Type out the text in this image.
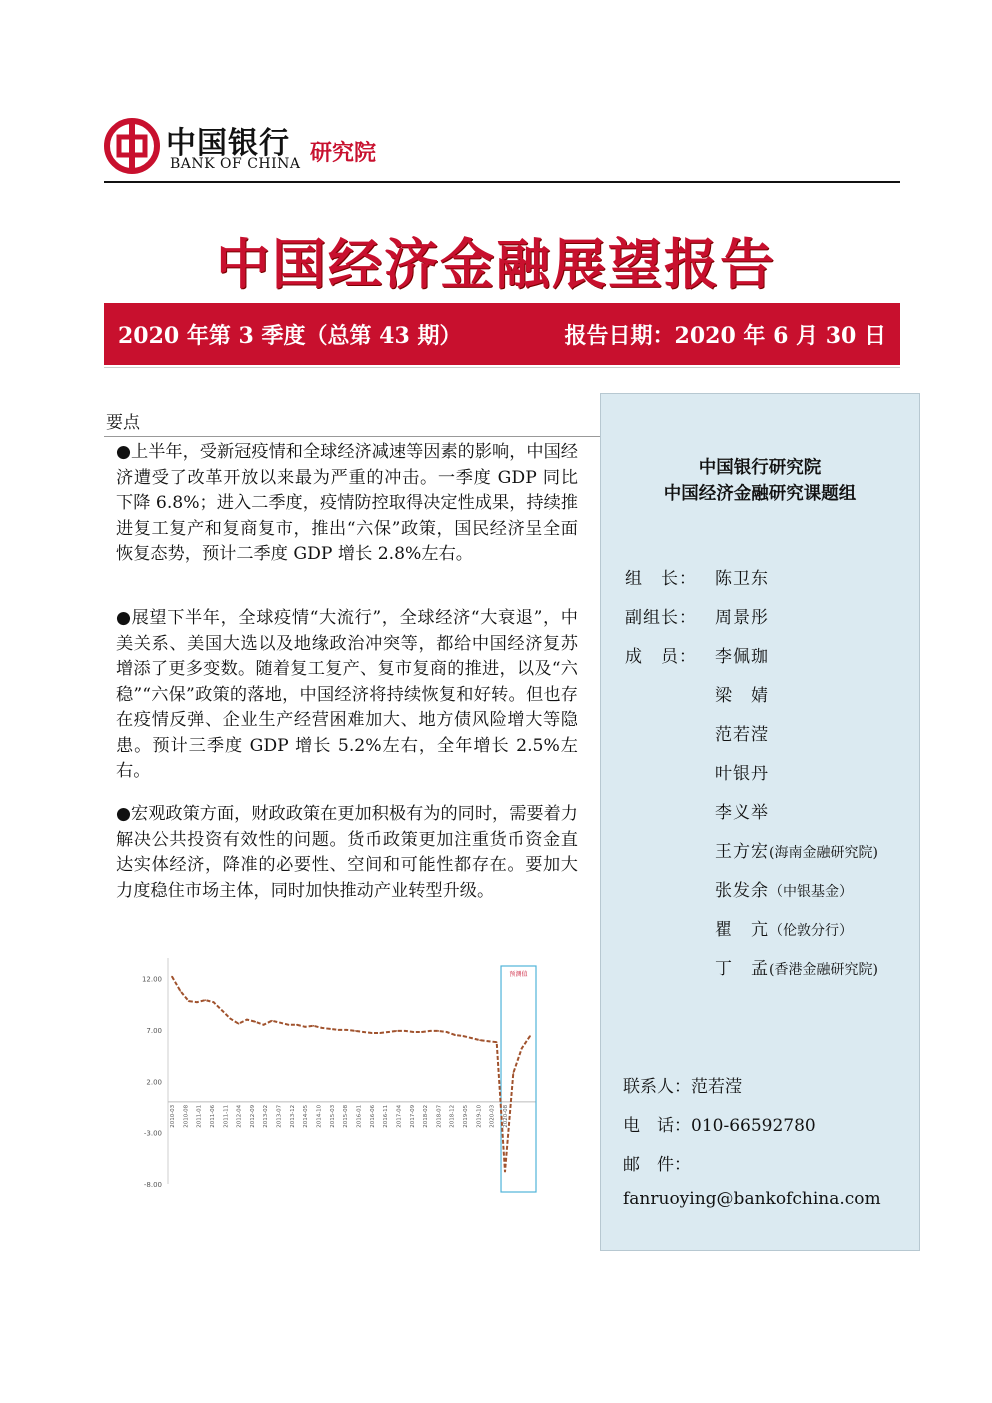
中国银行
BANK OF CHINA 研究院
中国经济金融展望报告
2020 年第 3 季度（总第 43 期）	报告日期：2020 年 6 月 30 日
要点
●上半年，受新冠疫情和全球经济减速等因素的影响，中国经济遭受了改革开放以来最为严重的冲击。一季度 GDP 同比下降 6.8%；进入二季度，疫情防控取得决定性成果，持续推进复工复产和复商复市，推出“六保”政策，国民经济呈全面恢复态势，预计二季度 GDP 增长 2.8%左右。
●展望下半年，全球疫情“大流行”，全球经济“大衰退”，中美关系、美国大选以及地缘政治冲突等，都给中国经济复苏增添了更多变数。随着复工复产、复市复商的推进，以及“六稳”“六保”政策的落地，中国经济将持续恢复和好转。但也存在疫情反弹、企业生产经营困难加大、地方债风险增大等隐患。预计三季度 GDP 增长 5.2%左右，全年增长 2.5%左右。
●宏观政策方面，财政政策在更加积极有为的同时，需要着力解决公共投资有效性的问题。货币政策更加注重货币资金直达实体经济，降准的必要性、空间和可能性都存在。要加大力度稳住市场主体，同时加快推动产业转型升级。
12.00
7.00
2.00
-3.00
-8.00
预测值
2010-03 2010-08 2011-01 2011-06 2011-11 2012-04 2012-09 2013-02 2013-07 2013-12 2014-05 2014-10 2015-03 2015-08 2016-01 2016-06 2016-11 2017-04 2017-09 2018-02 2018-07 2018-12 2019-05 2019-10 2020-03 2020-08
中国银行研究院
中国经济金融研究课题组
组　长：	陈卫东
副组长：	周景彤
成　员：	李佩珈
梁　婧
范若滢
叶银丹
李义举
王方宏(海南金融研究院)
张发余（中银基金）
瞿　亢（伦敦分行）
丁　孟(香港金融研究院)
联系人：范若滢
电　话：010-66592780
邮　件：
fanruoying@bankofchina.com
